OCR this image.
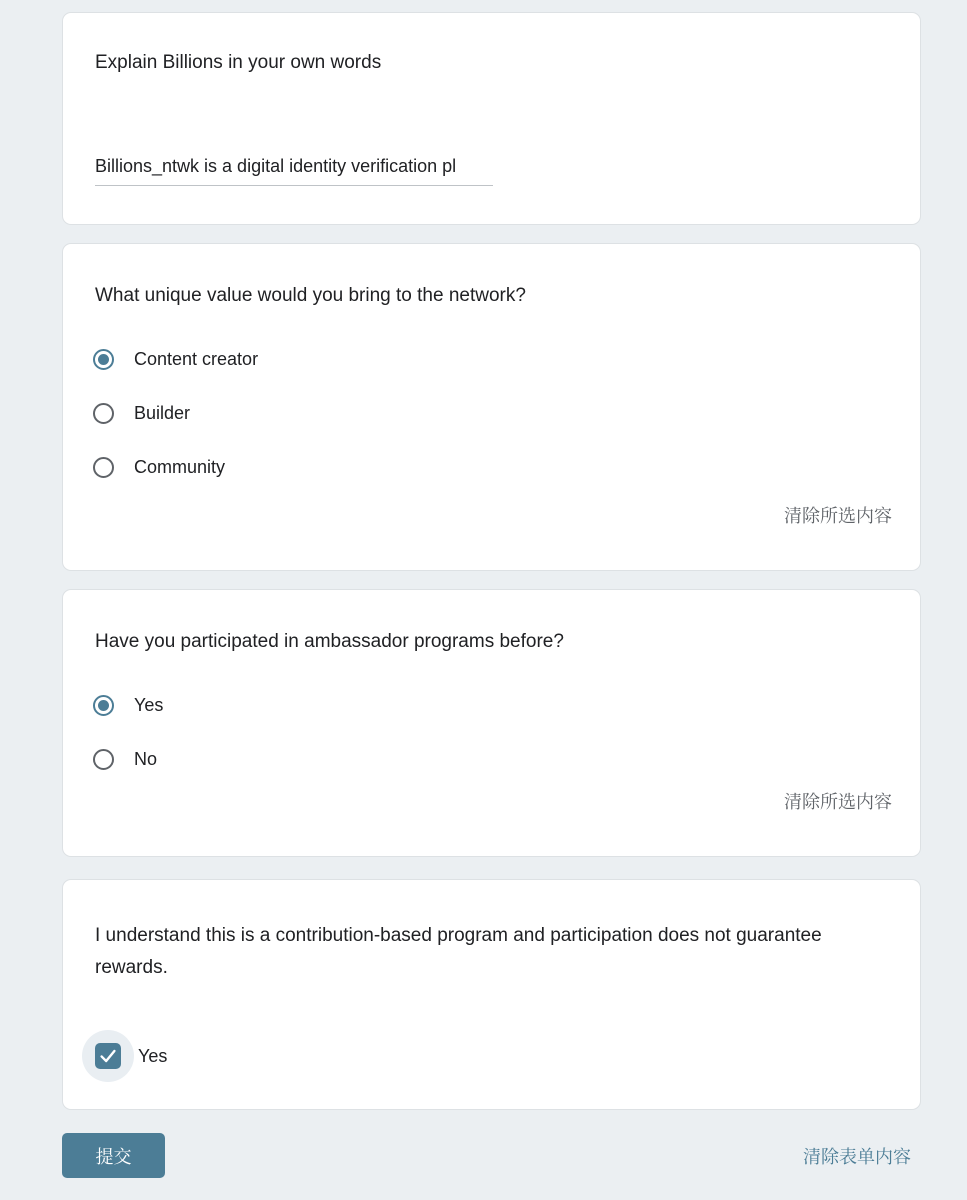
Explain Billions in your own words
Billions_ntwk is a digital identity verification pl
What unique value would you bring to the network?
Content creator
Builder
Community
清除所选内容
Have you participated in ambassador programs before?
Yes
No
清除所选内容
I understand this is a contribution-based program and participation does not guarantee rewards.
Yes
提交	清除表单内容
